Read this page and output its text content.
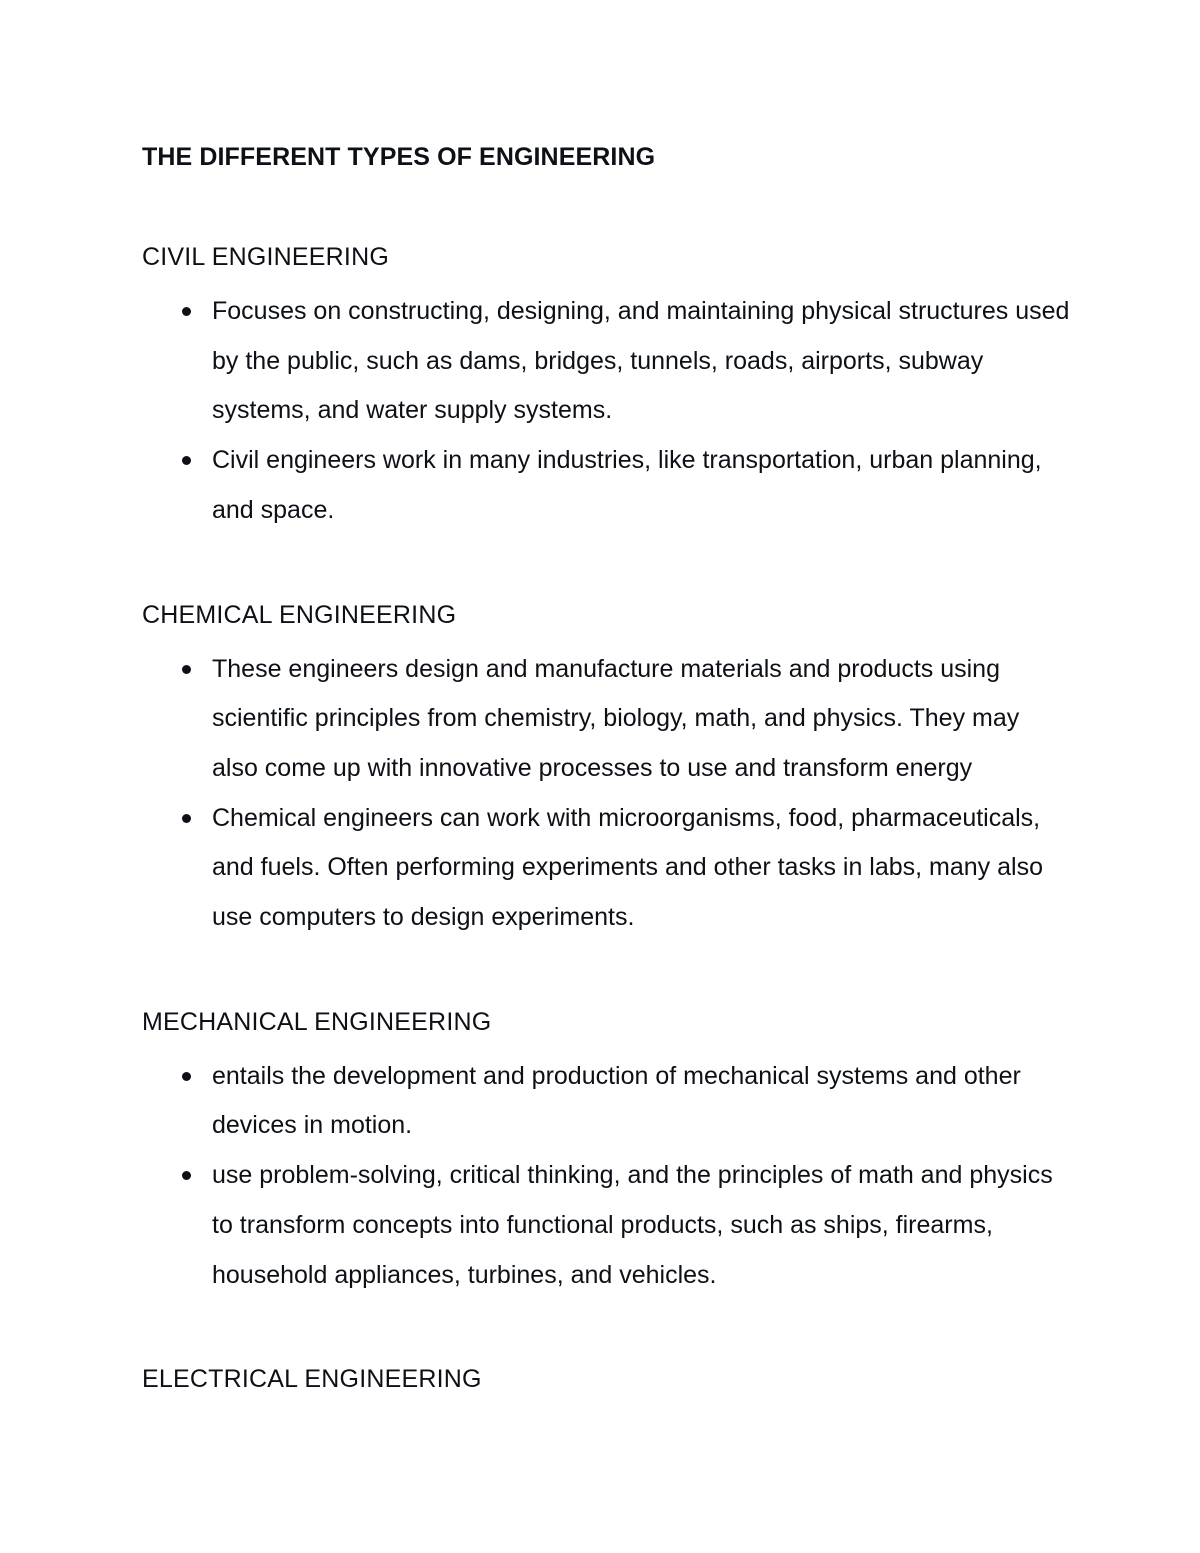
THE DIFFERENT TYPES OF ENGINEERING
CIVIL ENGINEERING
Focuses on constructing, designing, and maintaining physical structures used by the public, such as dams, bridges, tunnels, roads, airports, subway systems, and water supply systems.
Civil engineers work in many industries, like transportation, urban planning, and space.
CHEMICAL ENGINEERING
These engineers design and manufacture materials and products using scientific principles from chemistry, biology, math, and physics. They may also come up with innovative processes to use and transform energy
Chemical engineers can work with microorganisms, food, pharmaceuticals, and fuels. Often performing experiments and other tasks in labs, many also use computers to design experiments.
MECHANICAL ENGINEERING
entails the development and production of mechanical systems and other devices in motion.
use problem-solving, critical thinking, and the principles of math and physics to transform concepts into functional products, such as ships, firearms, household appliances, turbines, and vehicles.
ELECTRICAL ENGINEERING
